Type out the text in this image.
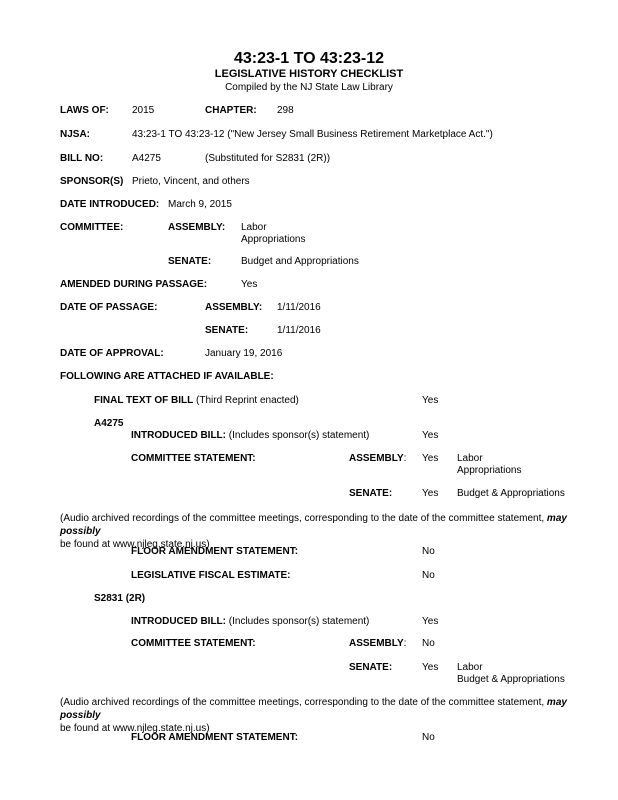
43:23-1 TO 43:23-12
LEGISLATIVE HISTORY CHECKLIST
Compiled by the NJ State Law Library
LAWS OF: 2015	CHAPTER: 298
NJSA:	43:23-1 TO 43:23-12 ("New Jersey Small Business Retirement Marketplace Act.")
BILL NO:	A4275	(Substituted for S2831 (2R))
SPONSOR(S) Prieto, Vincent, and others
DATE INTRODUCED: March 9, 2015
COMMITTEE:	ASSEMBLY: Labor
Appropriations
SENATE:	Budget and Appropriations
AMENDED DURING PASSAGE:	Yes
DATE OF PASSAGE:	ASSEMBLY: 1/11/2016
SENATE:	1/11/2016
DATE OF APPROVAL:	January 19, 2016
FOLLOWING ARE ATTACHED IF AVAILABLE:
FINAL TEXT OF BILL (Third Reprint enacted)	Yes
A4275
INTRODUCED BILL: (Includes sponsor(s) statement)	Yes
COMMITTEE STATEMENT:	ASSEMBLY: Yes Labor
Appropriations
SENATE:	Yes Budget & Appropriations
(Audio archived recordings of the committee meetings, corresponding to the date of the committee statement, may possibly
be found at www.njleg.state.nj.us)
FLOOR AMENDMENT STATEMENT:	No
LEGISLATIVE FISCAL ESTIMATE:	No
S2831 (2R)
INTRODUCED BILL: (Includes sponsor(s) statement)	Yes
COMMITTEE STATEMENT:	ASSEMBLY: No
SENATE:	Yes Labor
Budget & Appropriations
(Audio archived recordings of the committee meetings, corresponding to the date of the committee statement, may possibly
be found at www.njleg.state.nj.us)
FLOOR AMENDMENT STATEMENT:	No
